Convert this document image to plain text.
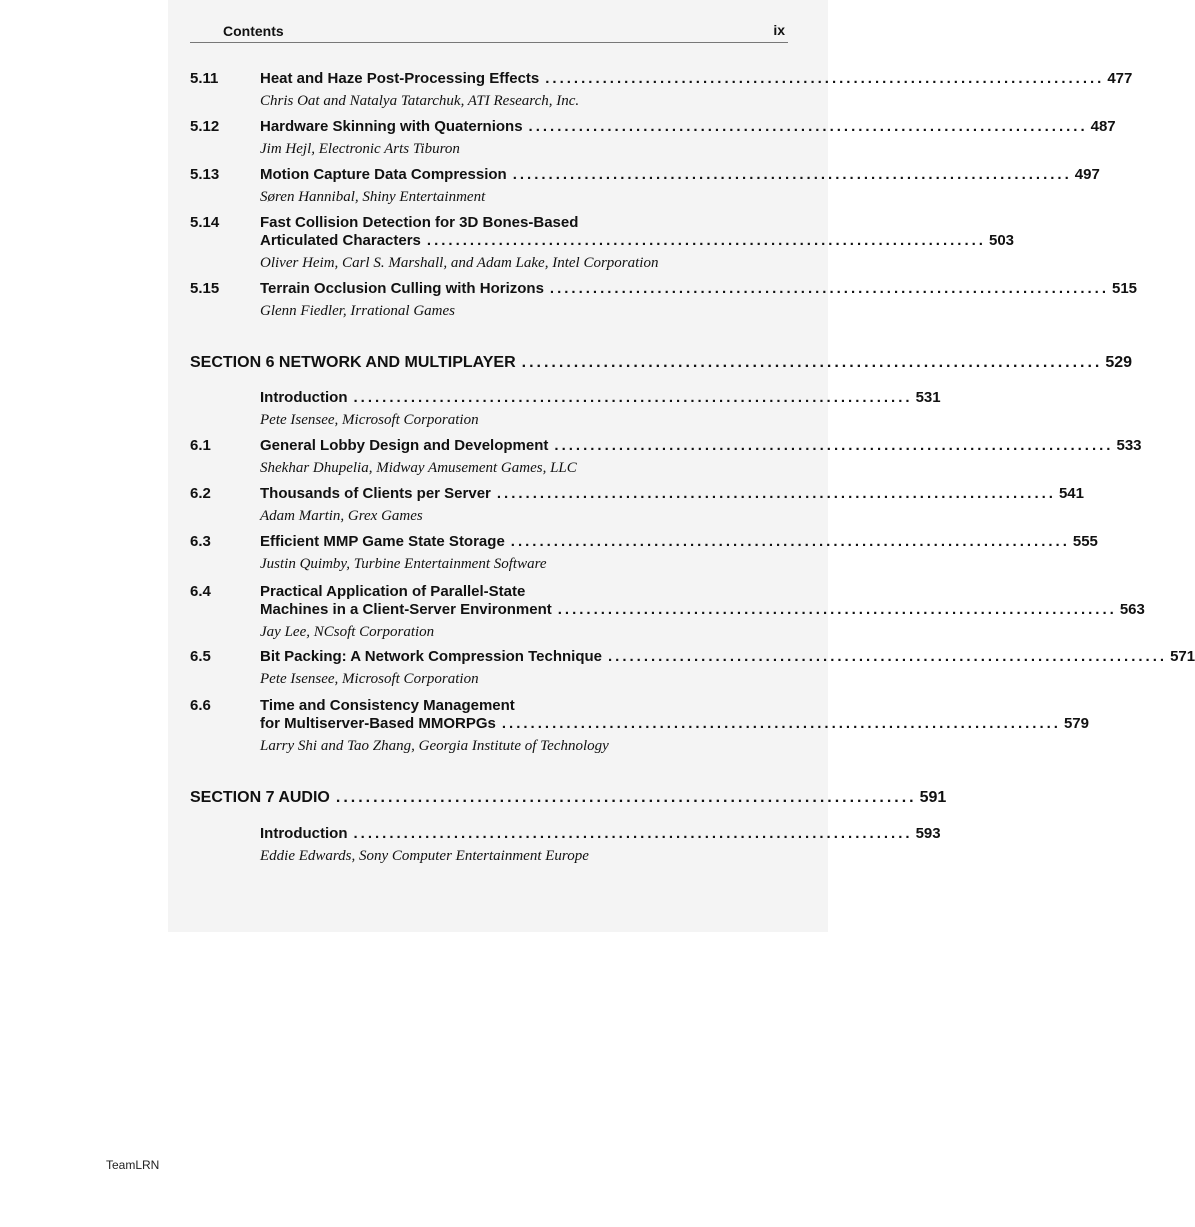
Contents	ix
5.11	Heat and Haze Post-Processing Effects .............................................................................. 477
Chris Oat and Natalya Tatarchuk, ATI Research, Inc.
5.12	Hardware Skinning with Quaternions .............................................................................. 487
Jim Hejl, Electronic Arts Tiburon
5.13	Motion Capture Data Compression .............................................................................. 497
Søren Hannibal, Shiny Entertainment
5.14	Fast Collision Detection for 3D Bones-Based
Articulated Characters .............................................................................. 503
Oliver Heim, Carl S. Marshall, and Adam Lake, Intel Corporation
5.15	Terrain Occlusion Culling with Horizons .............................................................................. 515
Glenn Fiedler, Irrational Games
SECTION 6 NETWORK AND MULTIPLAYER .............................................................................. 529
Introduction .............................................................................. 531
Pete Isensee, Microsoft Corporation
6.1	General Lobby Design and Development .............................................................................. 533
Shekhar Dhupelia, Midway Amusement Games, LLC
6.2	Thousands of Clients per Server .............................................................................. 541
Adam Martin, Grex Games
6.3	Efficient MMP Game State Storage .............................................................................. 555
Justin Quimby, Turbine Entertainment Software
6.4	Practical Application of Parallel-State
Machines in a Client-Server Environment .............................................................................. 563
Jay Lee, NCsoft Corporation
6.5	Bit Packing: A Network Compression Technique .............................................................................. 571
Pete Isensee, Microsoft Corporation
6.6	Time and Consistency Management
for Multiserver-Based MMORPGs .............................................................................. 579
Larry Shi and Tao Zhang, Georgia Institute of Technology
SECTION 7 AUDIO .............................................................................. 591
Introduction .............................................................................. 593
Eddie Edwards, Sony Computer Entertainment Europe
TeamLRN
